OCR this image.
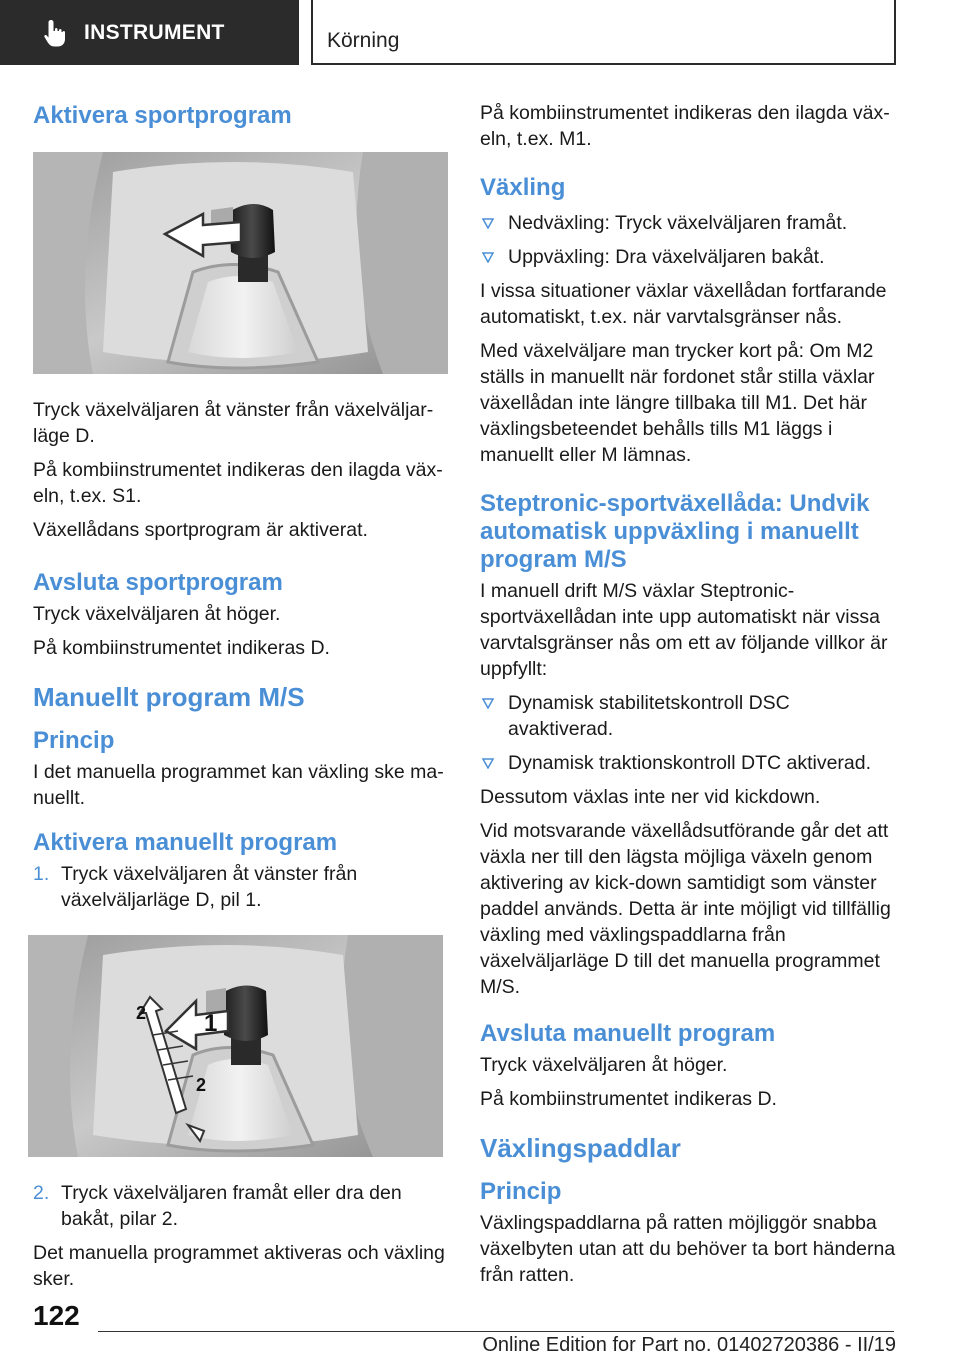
INSTRUMENT	Körning
Aktivera sportprogram

Tryck växelväljaren åt vänster från växelväljarläge D.

På kombiinstrumentet indikeras den ilagda växeln, t.ex. S1.

Växellådans sportprogram är aktiverat.

Avsluta sportprogram

Tryck växelväljaren åt höger.

På kombiinstrumentet indikeras D.

Manuellt program M/S
Princip

I det manuella programmet kan växling ske manuellt.

Aktivera manuellt program
1. Tryck växelväljaren åt vänster från växelväljarläge D, pil 1.
1
2
2
2. Tryck växelväljaren framåt eller dra den bakåt, pilar 2.

Det manuella programmet aktiveras och växling sker.

På kombiinstrumentet indikeras den ilagda växeln, t.ex. M1.

Växling
Nedväxling: Tryck växelväljaren framåt.
Uppväxling: Dra växelväljaren bakåt.

I vissa situationer växlar växellådan fortfarande automatiskt, t.ex. när varvtalsgränser nås.

Med växelväljare man trycker kort på: Om M2 ställs in manuellt när fordonet står stilla växlar växellådan inte längre tillbaka till M1. Det här växlingsbeteendet behålls tills M1 läggs i manuellt eller M lämnas.

Steptronic-sportväxellåda: Undvik automatisk uppväxling i manuellt program M/S

I manuell drift M/S växlar Steptronic-sportväxellådan inte upp automatiskt när vissa varvtalsgränser nås om ett av följande villkor är uppfyllt:

Dynamisk stabilitetskontroll DSC avaktiverad.
Dynamisk traktionskontroll DTC aktiverad.

Dessutom växlas inte ner vid kickdown.

Vid motsvarande växellådsutförande går det att växla ner till den lägsta möjliga växeln genom aktivering av kick-down samtidigt som vänster paddel används. Detta är inte möjligt vid tillfällig växling med växlingspaddlarna från växelväljarläge D till det manuella programmet M/S.

Avsluta manuellt program

Tryck växelväljaren åt höger.

På kombiinstrumentet indikeras D.

Växlingspaddlar
Princip

Växlingspaddlarna på ratten möjliggör snabba växelbyten utan att du behöver ta bort händerna från ratten.

122
Online Edition for Part no. 01402720386 - II/19
